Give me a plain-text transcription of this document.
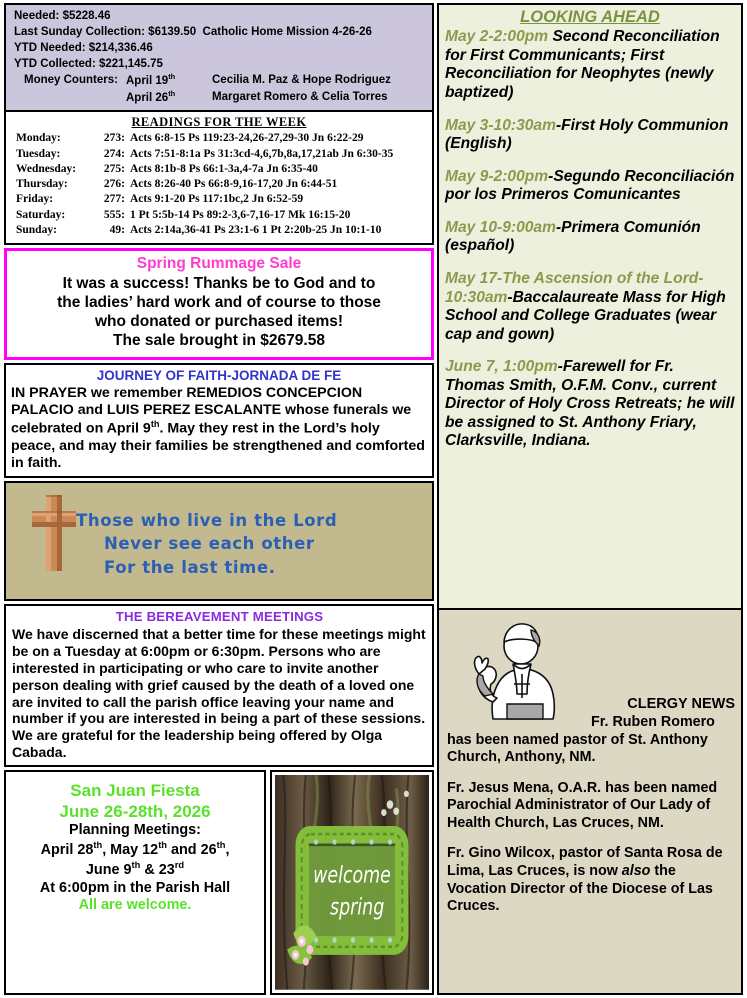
Needed: $5228.46
Last Sunday Collection: $6139.50  Catholic Home Mission 4-26-26
YTD Needed: $214,336.46
YTD Collected: $221,145.75
Money Counters: April 19th	Cecilia M. Paz & Hope Rodriguez
April 26th	Margaret Romero & Celia Torres
READINGS FOR THE WEEK
Monday:	273: Acts 6:8-15 Ps 119:23-24,26-27,29-30 Jn 6:22-29
Tuesday:	274: Acts 7:51-8:1a Ps 31:3cd-4,6,7b,8a,17,21ab Jn 6:30-35
Wednesday:	275: Acts 8:1b-8 Ps 66:1-3a,4-7a Jn 6:35-40
Thursday:	276: Acts 8:26-40 Ps 66:8-9,16-17,20 Jn 6:44-51
Friday:	277: Acts 9:1-20 Ps 117:1bc,2 Jn 6:52-59
Saturday:	555: 1 Pt 5:5b-14 Ps 89:2-3,6-7,16-17 Mk 16:15-20
Sunday:	49: Acts 2:14a,36-41 Ps 23:1-6 1 Pt 2:20b-25 Jn 10:1-10
Spring Rummage Sale
It was a success! Thanks be to God and to
the ladies’ hard work and of course to those
who donated or purchased items!
The sale brought in $2679.58
JOURNEY OF FAITH-JORNADA DE FE
IN PRAYER we remember REMEDIOS CONCEPCION PALACIO and LUIS PEREZ ESCALANTE whose funerals we celebrated on April 9th. May they rest in the Lord’s holy peace, and may their families be strengthened and comforted in faith.
Those who live in the Lord
Never see each other
For the last time.
THE BEREAVEMENT MEETINGS
We have discerned that a better time for these meetings might be on a Tuesday at 6:00pm or 6:30pm. Persons who are interested in participating or who care to invite another person dealing with grief caused by the death of a loved one are invited to call the parish office leaving your name and number if you are interested in being a part of these sessions. We are grateful for the leadership being offered by Olga Cabada.
San Juan Fiesta
June 26-28th, 2026
Planning Meetings:
April 28th, May 12th and 26th,
June 9th & 23rd
At 6:00pm in the Parish Hall
All are welcome.
welcome
spring
LOOKING AHEAD
May 2-2:00pm Second Reconciliation for First Communicants; First Reconciliation for Neophytes (newly baptized)
May 3-10:30am-First Holy Communion (English)
May 9-2:00pm-Segundo Reconciliación por los Primeros Comunicantes
May 10-9:00am-Primera Comunión (español)
May 17-The Ascension of the Lord-10:30am-Baccalaureate Mass for High School and College Graduates (wear cap and gown)
June 7, 1:00pm-Farewell for Fr. Thomas Smith, O.F.M. Conv., current Director of Holy Cross Retreats; he will be assigned to St. Anthony Friary, Clarksville, Indiana.
CLERGY NEWS

Fr. Ruben Romero has been named pastor of St. Anthony Church, Anthony, NM.

Fr. Jesus Mena, O.A.R. has been named Parochial Administrator of Our Lady of Health Church, Las Cruces, NM.

Fr. Gino Wilcox, pastor of Santa Rosa de Lima, Las Cruces, is now also the Vocation Director of the Diocese of Las Cruces.
